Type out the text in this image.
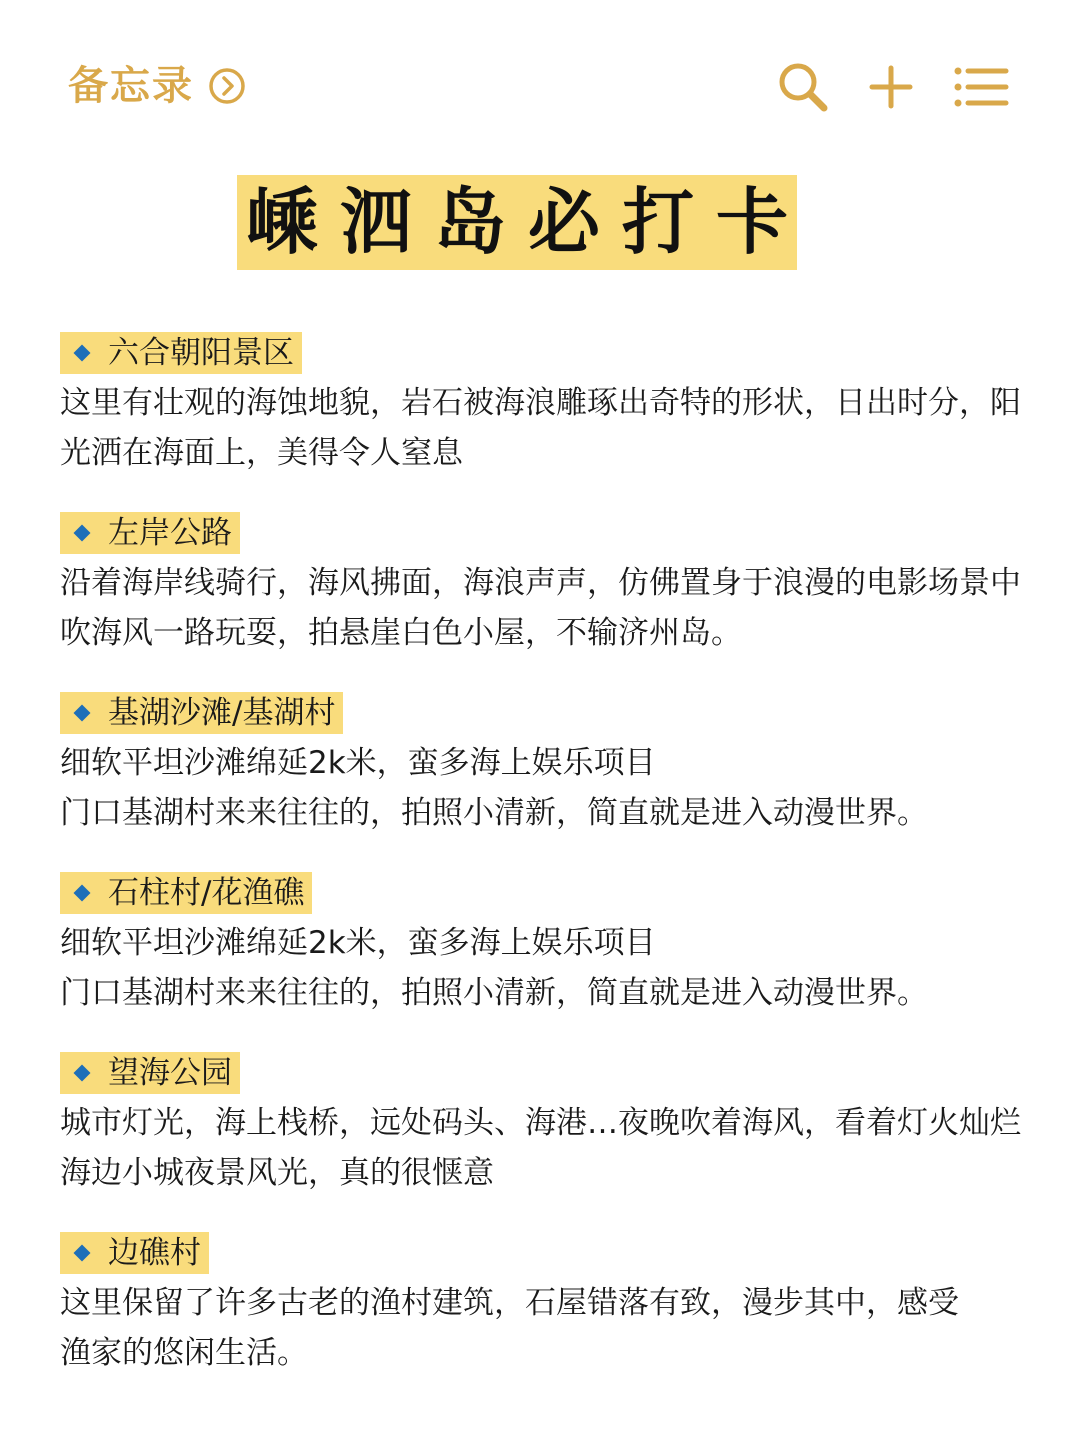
备忘录
嵊泗岛必打卡
六合朝阳景区
这里有壮观的海蚀地貌，岩石被海浪雕琢出奇特的形状，日出时分，阳
光洒在海面上，美得令人窒息
左岸公路
沿着海岸线骑行，海风拂面，海浪声声，仿佛置身于浪漫的电影场景中
吹海风一路玩耍，拍悬崖白色小屋，不输济州岛。
基湖沙滩/基湖村
细软平坦沙滩绵延2k米，蛮多海上娱乐项目
门口基湖村来来往往的，拍照小清新，简直就是进入动漫世界。
石柱村/花渔礁
细软平坦沙滩绵延2k米，蛮多海上娱乐项目
门口基湖村来来往往的，拍照小清新，简直就是进入动漫世界。
望海公园
城市灯光，海上栈桥，远处码头、海港…夜晚吹着海风，看着灯火灿烂
海边小城夜景风光，真的很惬意
边礁村
这里保留了许多古老的渔村建筑，石屋错落有致，漫步其中，感受
渔家的悠闲生活。
